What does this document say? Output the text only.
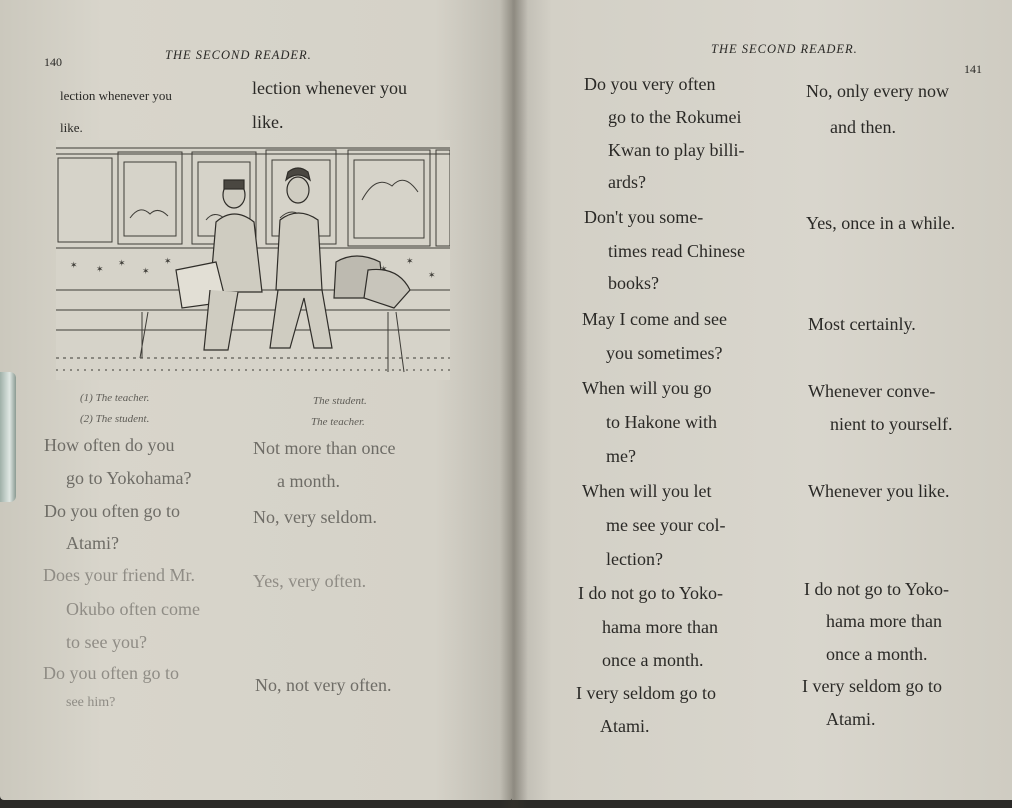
140	THE SECOND READER.
lection whenever you
like.
lection whenever you
like.
✶ ✶
✶
✶
✶	✶
✶
(1) The teacher.
(2) The student.
The student.
The teacher.
How often do you
go to Yokohama?
Not more than once
a month.
Do you often go to
Atami?
No, very seldom.
Does your friend Mr.
Okubo often come
to see you?
Yes, very often.
Do you often go to
see him?
No, not very often.
THE SECOND READER.
141
Do you very often
go to the Rokumei
Kwan to play billi-
ards?
No, only every now
and then.
Don't you some-
times read Chinese
books?
Yes, once in a while.
May I come and see
you sometimes?
Most certainly.
When will you go
to Hakone with
me?
Whenever conve-
nient to yourself.
When will you let
me see your col-
lection?
Whenever you like.
I do not go to Yoko-
hama more than
once a month.
I do not go to Yoko-
hama more than
once a month.
I very seldom go to
Atami.
I very seldom go to
Atami.
